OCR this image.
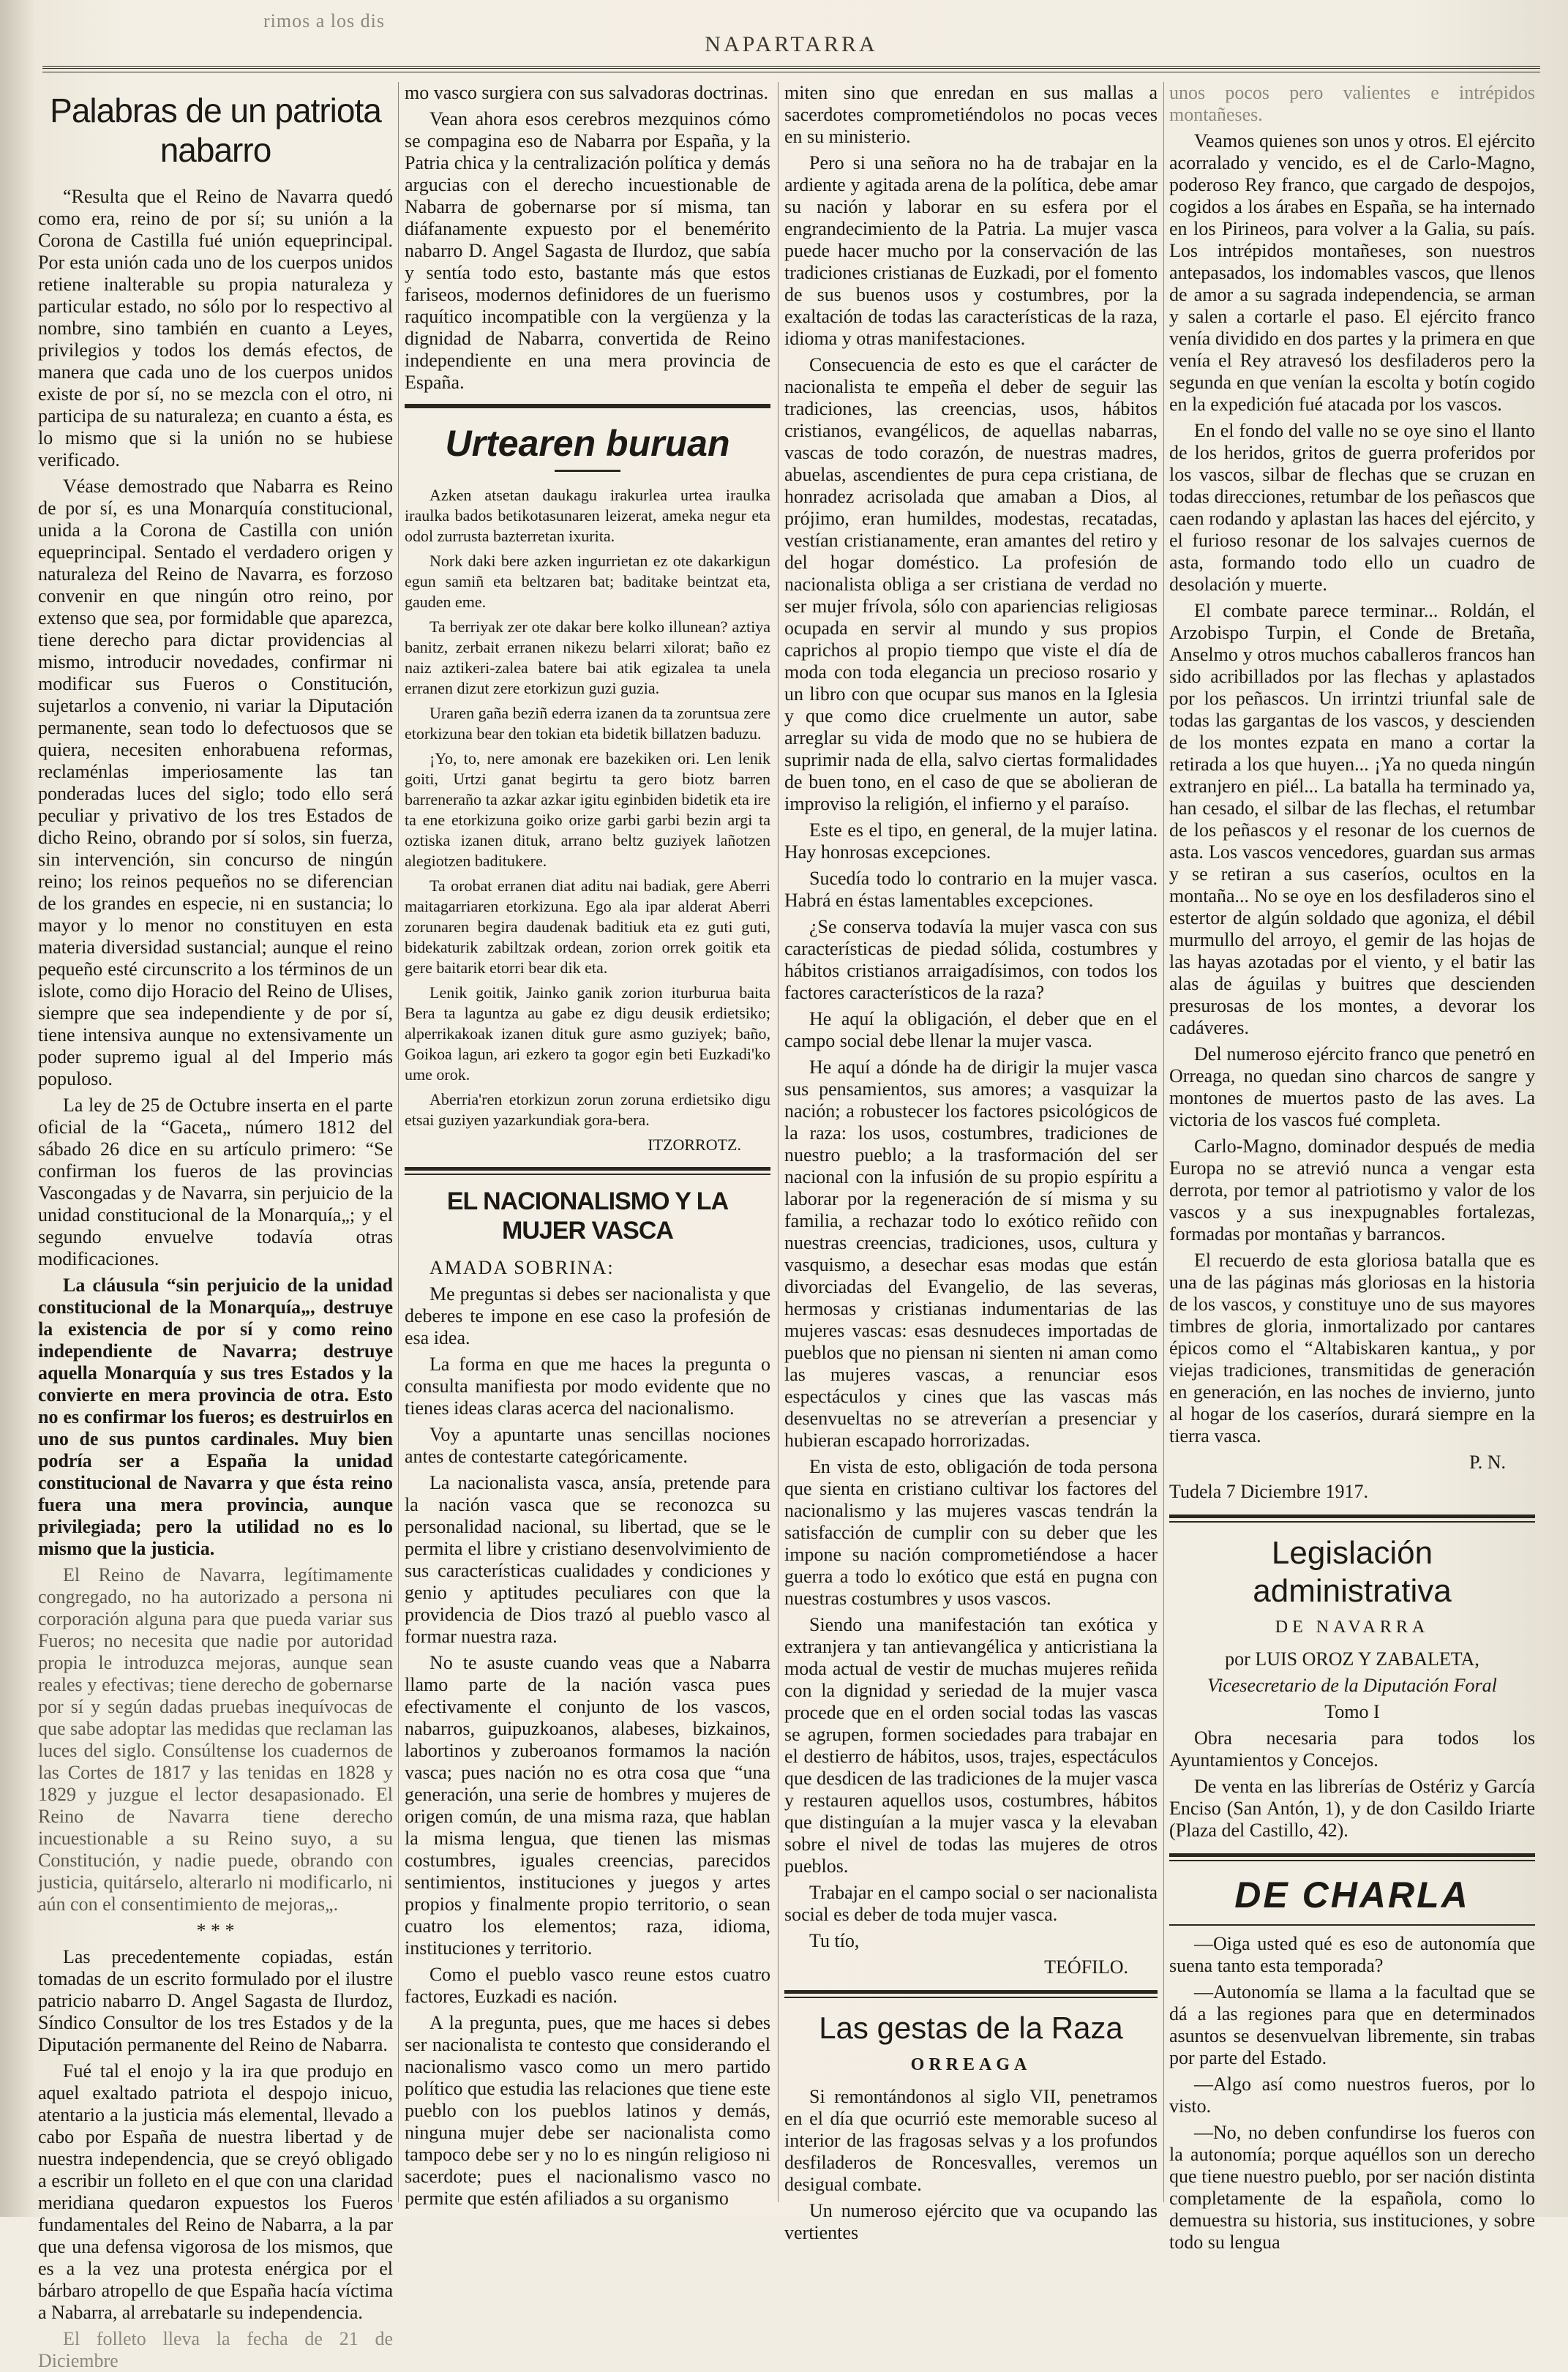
rimos a los dis
NAPARTARRA
Palabras de un patriota nabarro

“Resulta que el Reino de Navarra quedó como era, reino de por sí; su unión a la Corona de Castilla fué unión equeprincipal. Por esta unión cada uno de los cuerpos unidos retiene inalterable su propia naturaleza y particular estado, no sólo por lo respectivo al nombre, sino también en cuanto a Leyes, privilegios y todos los demás efectos, de manera que cada uno de los cuerpos unidos existe de por sí, no se mezcla con el otro, ni participa de su naturaleza; en cuanto a ésta, es lo mismo que si la unión no se hubiese verificado.

Véase demostrado que Nabarra es Reino de por sí, es una Monarquía constitucional, unida a la Corona de Castilla con unión equeprincipal. Sentado el verdadero origen y naturaleza del Reino de Navarra, es forzoso convenir en que ningún otro reino, por extenso que sea, por formidable que aparezca, tiene derecho para dictar providencias al mismo, introducir novedades, confirmar ni modificar sus Fueros o Constitución, sujetarlos a convenio, ni variar la Diputación permanente, sean todo lo defectuosos que se quiera, necesiten enhorabuena reformas, reclaménlas imperiosamente las tan ponderadas luces del siglo; todo ello será peculiar y privativo de los tres Estados de dicho Reino, obrando por sí solos, sin fuerza, sin intervención, sin concurso de ningún reino; los reinos pequeños no se diferencian de los grandes en especie, ni en sustancia; lo mayor y lo menor no constituyen en esta materia diversidad sustancial; aunque el reino pequeño esté circunscrito a los términos de un islote, como dijo Horacio del Reino de Ulises, siempre que sea independiente y de por sí, tiene intensiva aunque no extensivamente un poder supremo igual al del Imperio más populoso.

La ley de 25 de Octubre inserta en el parte oficial de la “Gaceta„ número 1812 del sábado 26 dice en su artículo primero: “Se confirman los fueros de las provincias Vascongadas y de Navarra, sin perjuicio de la unidad constitucional de la Monarquía„; y el segundo envuelve todavía otras modificaciones.

La cláusula “sin perjuicio de la unidad constitucional de la Monarquía„, destruye la existencia de por sí y como reino independiente de Navarra; destruye aquella Monarquía y sus tres Estados y la convierte en mera provincia de otra. Esto no es confirmar los fueros; es destruirlos en uno de sus puntos cardinales. Muy bien podría ser a España la unidad constitucional de Navarra y que ésta reino fuera una mera provincia, aunque privilegiada; pero la utilidad no es lo mismo que la justicia.

El Reino de Navarra, legítimamente congregado, no ha autorizado a persona ni corporación alguna para que pueda variar sus Fueros; no necesita que nadie por autoridad propia le introduzca mejoras, aunque sean reales y efectivas; tiene derecho de gobernarse por sí y según dadas pruebas inequívocas de que sabe adoptar las medidas que reclaman las luces del siglo. Consúltense los cuadernos de las Cortes de 1817 y las tenidas en 1828 y 1829 y juzgue el lector desapasionado. El Reino de Navarra tiene derecho incuestionable a su Reino suyo, a su Constitución, y nadie puede, obrando con justicia, quitárselo, alterarlo ni modificarlo, ni aún con el consentimiento de mejoras„.

* * *

Las precedentemente copiadas, están tomadas de un escrito formulado por el ilustre patricio nabarro D. Angel Sagasta de Ilurdoz, Síndico Consultor de los tres Estados y de la Diputación permanente del Reino de Nabarra.

Fué tal el enojo y la ira que produjo en aquel exaltado patriota el despojo inicuo, atentario a la justicia más elemental, llevado a cabo por España de nuestra libertad y de nuestra independencia, que se creyó obligado a escribir un folleto en el que con una claridad meridiana quedaron expuestos los Fueros fundamentales del Reino de Nabarra, a la par que una defensa vigorosa de los mismos, que es a la vez una protesta enérgica por el bárbaro atropello de que España hacía víctima a Nabarra, al arrebatarle su independencia.

El folleto lleva la fecha de 21 de Diciembre

mo vasco surgiera con sus salvadoras doctrinas.

Vean ahora esos cerebros mezquinos cómo se compagina eso de Nabarra por España, y la Patria chica y la centralización política y demás argucias con el derecho incuestionable de Nabarra de gobernarse por sí misma, tan diáfanamente expuesto por el benemérito nabarro D. Angel Sagasta de Ilurdoz, que sabía y sentía todo esto, bastante más que estos fariseos, modernos definidores de un fuerismo raquítico incompatible con la vergüenza y la dignidad de Nabarra, convertida de Reino independiente en una mera provincia de España.

Urtearen buruan

Azken atsetan daukagu irakurlea urtea iraulka iraulka bados betikotasunaren leizerat, ameka negur eta odol zurrusta bazterretan ixurita.

Nork daki bere azken ingurrietan ez ote dakarkigun egun samiñ eta beltzaren bat; baditake beintzat eta, gauden eme.

Ta berriyak zer ote dakar bere kolko illunean? aztiya banitz, zerbait erranen nikezu belarri xilorat; baño ez naiz aztikeri-zalea batere bai atik egizalea ta unela erranen dizut zere etorkizun guzi guzia.

Uraren gaña beziñ ederra izanen da ta zoruntsua zere etorkizuna bear den tokian eta bidetik billatzen baduzu.

¡Yo, to, nere amonak ere bazekiken ori. Len lenik goiti, Urtzi ganat begirtu ta gero biotz barren barreneraño ta azkar azkar igitu eginbiden bidetik eta ire ta ene etorkizuna goiko orize garbi garbi bezin argi ta oztiska izanen dituk, arrano beltz guziyek lañotzen alegiotzen baditukere.

Ta orobat erranen diat aditu nai badiak, gere Aberri maitagarriaren etorkizuna. Ego ala ipar alderat Aberri zorunaren begira daudenak baditiuk eta ez guti guti, bidekaturik zabiltzak ordean, zorion orrek goitik eta gere baitarik etorri bear dik eta.

Lenik goitik, Jainko ganik zorion iturburua baita Bera ta laguntza au gabe ez digu deusik erdietsiko; alperrikakoak izanen dituk gure asmo guziyek; baño, Goikoa lagun, ari ezkero ta gogor egin beti Euzkadi'ko ume orok.

Aberria'ren etorkizun zorun zoruna erdietsiko digu etsai guziyen yazarkundiak gora-bera.

ITZORROTZ.
EL NACIONALISMO Y LA MUJER VASCA

AMADA SOBRINA:

Me preguntas si debes ser nacionalista y que deberes te impone en ese caso la profesión de esa idea.

La forma en que me haces la pregunta o consulta manifiesta por modo evidente que no tienes ideas claras acerca del nacionalismo.

Voy a apuntarte unas sencillas nociones antes de contestarte categóricamente.

La nacionalista vasca, ansía, pretende para la nación vasca que se reconozca su personalidad nacional, su libertad, que se le permita el libre y cristiano desenvolvimiento de sus características cualidades y condiciones y genio y aptitudes peculiares con que la providencia de Dios trazó al pueblo vasco al formar nuestra raza.

No te asuste cuando veas que a Nabarra llamo parte de la nación vasca pues efectivamente el conjunto de los vascos, nabarros, guipuzkoanos, alabeses, bizkainos, labortinos y zuberoanos formamos la nación vasca; pues nación no es otra cosa que “una generación, una serie de hombres y mujeres de origen común, de una misma raza, que hablan la misma lengua, que tienen las mismas costumbres, iguales creencias, parecidos sentimientos, instituciones y juegos y artes propios y finalmente propio territorio, o sean cuatro los elementos; raza, idioma, instituciones y territorio.

Como el pueblo vasco reune estos cuatro factores, Euzkadi es nación.

A la pregunta, pues, que me haces si debes ser nacionalista te contesto que considerando el nacionalismo vasco como un mero partido político que estudia las relaciones que tiene este pueblo con los pueblos latinos y demás, ninguna mujer debe ser nacionalista como tampoco debe ser y no lo es ningún religioso ni sacerdote; pues el nacionalismo vasco no permite que estén afiliados a su organismo

miten sino que enredan en sus mallas a sacerdotes comprometiéndolos no pocas veces en su ministerio.

Pero si una señora no ha de trabajar en la ardiente y agitada arena de la política, debe amar su nación y laborar en su esfera por el engrandecimiento de la Patria. La mujer vasca puede hacer mucho por la conservación de las tradiciones cristianas de Euzkadi, por el fomento de sus buenos usos y costumbres, por la exaltación de todas las características de la raza, idioma y otras manifestaciones.

Consecuencia de esto es que el carácter de nacionalista te empeña el deber de seguir las tradiciones, las creencias, usos, hábitos cristianos, evangélicos, de aquellas nabarras, vascas de todo corazón, de nuestras madres, abuelas, ascendientes de pura cepa cristiana, de honradez acrisolada que amaban a Dios, al prójimo, eran humildes, modestas, recatadas, vestían cristianamente, eran amantes del retiro y del hogar doméstico. La profesión de nacionalista obliga a ser cristiana de verdad no ser mujer frívola, sólo con apariencias religiosas ocupada en servir al mundo y sus propios caprichos al propio tiempo que viste el día de moda con toda elegancia un precioso rosario y un libro con que ocupar sus manos en la Iglesia y que como dice cruelmente un autor, sabe arreglar su vida de modo que no se hubiera de suprimir nada de ella, salvo ciertas formalidades de buen tono, en el caso de que se abolieran de improviso la religión, el infierno y el paraíso.

Este es el tipo, en general, de la mujer latina. Hay honrosas excepciones.

Sucedía todo lo contrario en la mujer vasca. Habrá en éstas lamentables excepciones.

¿Se conserva todavía la mujer vasca con sus características de piedad sólida, costumbres y hábitos cristianos arraigadísimos, con todos los factores característicos de la raza?

He aquí la obligación, el deber que en el campo social debe llenar la mujer vasca.

He aquí a dónde ha de dirigir la mujer vasca sus pensamientos, sus amores; a vasquizar la nación; a robustecer los factores psicológicos de la raza: los usos, costumbres, tradiciones de nuestro pueblo; a la trasformación del ser nacional con la infusión de su propio espíritu a laborar por la regeneración de sí misma y su familia, a rechazar todo lo exótico reñido con nuestras creencias, tradiciones, usos, cultura y vasquismo, a desechar esas modas que están divorciadas del Evangelio, de las severas, hermosas y cristianas indumentarias de las mujeres vascas: esas desnudeces importadas de pueblos que no piensan ni sienten ni aman como las mujeres vascas, a renunciar esos espectáculos y cines que las vascas más desenvueltas no se atreverían a presenciar y hubieran escapado horrorizadas.

En vista de esto, obligación de toda persona que sienta en cristiano cultivar los factores del nacionalismo y las mujeres vascas tendrán la satisfacción de cumplir con su deber que les impone su nación comprometiéndose a hacer guerra a todo lo exótico que está en pugna con nuestras costumbres y usos vascos.

Siendo una manifestación tan exótica y extranjera y tan antievangélica y anticristiana la moda actual de vestir de muchas mujeres reñida con la dignidad y seriedad de la mujer vasca procede que en el orden social todas las vascas se agrupen, formen sociedades para trabajar en el destierro de hábitos, usos, trajes, espectáculos que desdicen de las tradiciones de la mujer vasca y restauren aquellos usos, costumbres, hábitos que distinguían a la mujer vasca y la elevaban sobre el nivel de todas las mujeres de otros pueblos.

Trabajar en el campo social o ser nacionalista social es deber de toda mujer vasca.

Tu tío,

TEÓFILO.
Las gestas de la Raza
ORREAGA

Si remontándonos al siglo VII, penetramos en el día que ocurrió este memorable suceso al interior de las fragosas selvas y a los profundos desfiladeros de Roncesvalles, veremos un desigual combate.

Un numeroso ejército que va ocupando las vertientes

unos pocos pero valientes e intrépidos montañeses.

Veamos quienes son unos y otros. El ejército acorralado y vencido, es el de Carlo-Magno, poderoso Rey franco, que cargado de despojos, cogidos a los árabes en España, se ha internado en los Pirineos, para volver a la Galia, su país. Los intrépidos montañeses, son nuestros antepasados, los indomables vascos, que llenos de amor a su sagrada independencia, se arman y salen a cortarle el paso. El ejército franco venía dividido en dos partes y la primera en que venía el Rey atravesó los desfiladeros pero la segunda en que venían la escolta y botín cogido en la expedición fué atacada por los vascos.

En el fondo del valle no se oye sino el llanto de los heridos, gritos de guerra proferidos por los vascos, silbar de flechas que se cruzan en todas direcciones, retumbar de los peñascos que caen rodando y aplastan las haces del ejército, y el furioso resonar de los salvajes cuernos de asta, formando todo ello un cuadro de desolación y muerte.

El combate parece terminar... Roldán, el Arzobispo Turpin, el Conde de Bretaña, Anselmo y otros muchos caballeros francos han sido acribillados por las flechas y aplastados por los peñascos. Un irrintzi triunfal sale de todas las gargantas de los vascos, y descienden de los montes ezpata en mano a cortar la retirada a los que huyen... ¡Ya no queda ningún extranjero en piél... La batalla ha terminado ya, han cesado, el silbar de las flechas, el retumbar de los peñascos y el resonar de los cuernos de asta. Los vascos vencedores, guardan sus armas y se retiran a sus caseríos, ocultos en la montaña... No se oye en los desfiladeros sino el estertor de algún soldado que agoniza, el débil murmullo del arroyo, el gemir de las hojas de las hayas azotadas por el viento, y el batir las alas de águilas y buitres que descienden presurosas de los montes, a devorar los cadáveres.

Del numeroso ejército franco que penetró en Orreaga, no quedan sino charcos de sangre y montones de muertos pasto de las aves. La victoria de los vascos fué completa.

Carlo-Magno, dominador después de media Europa no se atrevió nunca a vengar esta derrota, por temor al patriotismo y valor de los vascos y a sus inexpugnables fortalezas, formadas por montañas y barrancos.

El recuerdo de esta gloriosa batalla que es una de las páginas más gloriosas en la historia de los vascos, y constituye uno de sus mayores timbres de gloria, inmortalizado por cantares épicos como el “Altabiskaren kantua„ y por viejas tradiciones, transmitidas de generación en generación, en las noches de invierno, junto al hogar de los caseríos, durará siempre en la tierra vasca.

P. N.
Tudela 7 Diciembre 1917.
Legislación administrativa
DE NAVARRA

por LUIS OROZ Y ZABALETA,

Vicesecretario de la Diputación Foral

Tomo I

Obra necesaria para todos los Ayuntamientos y Concejos.

De venta en las librerías de Ostériz y García Enciso (San Antón, 1), y de don Casildo Iriarte (Plaza del Castillo, 42).

DE CHARLA

—Oiga usted qué es eso de autonomía que suena tanto esta temporada?

—Autonomía se llama a la facultad que se dá a las regiones para que en determinados asuntos se desenvuelvan libremente, sin trabas por parte del Estado.

—Algo así como nuestros fueros, por lo visto.

—No, no deben confundirse los fueros con la autonomía; porque aquéllos son un derecho que tiene nuestro pueblo, por ser nación distinta completamente de la española, como lo demuestra su historia, sus instituciones, y sobre todo su lengua
